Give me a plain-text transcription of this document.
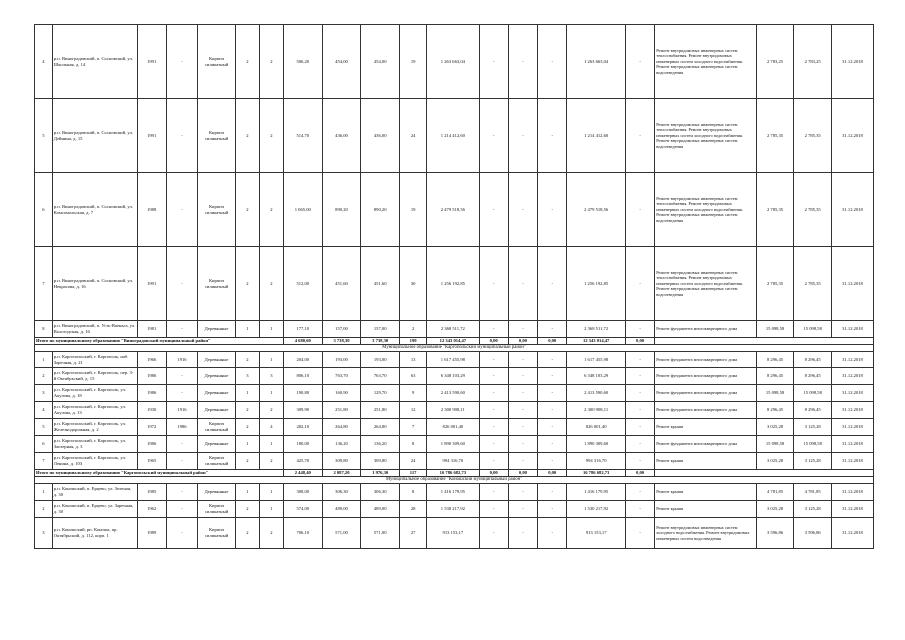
4	р.п. Виноградовский, п. Сосновский, ул. Школьная, д. 14	1991	-	Кирпич силикатный	2	2	506,20	454,00	454,00	19	1 263 663,04	-	-	-	1 263 663,04	-	Ремонт внутридомовых инженерных систем теплоснабжения. Ремонт внутридомовых инженерных систем холодного водоснабжения. Ремонт внутридомовых инженерных систем водоотведения	2 783,25	2 783,25	31.12.2018
5	р.п. Виноградовский, п. Сосновский, ул. Дейнина, д. 15	1991	-	Кирпич силикатный	2	2	514,70	436,00	436,00	24	1 214 412,60	-	-	-	1 214 412,60	-	Ремонт внутридомовых инженерных систем теплоснабжения. Ремонт внутридомовых инженерных систем холодного водоснабжения. Ремонт внутридомовых инженерных систем водоотведения	2 785,35	2 785,35	31.12.2018
6	р.п. Виноградовский, п. Сосновский, ул. Комсомольская, д. 7	1988	-	Кирпич силикатный	2	2	1 065,00	890,20	890,20	19	2 479 518,56	-	-	-	2 479 518,56	-	Ремонт внутридомовых инженерных систем теплоснабжения. Ремонт внутридомовых инженерных систем холодного водоснабжения. Ремонт внутридомовых инженерных систем водоотведения	2 785,35	2 785,35	31.12.2018
7	р.п. Виноградовский, п. Сосновский, ул. Некрасова, д. 16	1991	-	Кирпич силикатный	2	2	512,00	451,60	451,60	30	1 256 192,85	-	-	-	1 256 192,85	-	Ремонт внутридомовых инженерных систем теплоснабжения. Ремонт внутридомовых инженерных систем холодного водоснабжения. Ремонт внутридомовых инженерных систем водоотведения	2 785,35	2 785,35	31.12.2018
8	р.п. Виноградовский, п. Усть-Ваеньга, ул. Вологодская, д. 16	1981	-	Деревянные	1	1	177,10	157,00	157,00	2	2 368 511,72	-	-	-	2 368 511,72	-	Ремонт фундамента многоквартирного дома	15 098,58	15 098,58	31.12.2018
Итого по муниципальному образованию "Виноградовский муниципальный район"							4 680,60	3 738,30	3 738,30	199	12 343 014,47	0,00	0,00	0,00	12 343 014,47	0,00				
Муниципальное образование "Каргопольский муниципальный район"																				
1	р.п. Каргопольский, г. Каргополь, наб. Заречная, д. 21	1966	1916	Деревянные	2	1	204,00	193,00	193,00	13	1 617 455,98	-	-	-	1 617 455,98	-	Ремонт фундамента многоквартирного дома	8 296,45	8 296,45	31.12.2018
2	р.п. Каргопольский, г. Каргополь, пер. 3-й Октябрьский, д. 15	1986	-	Деревянные	3	3	806,10	763,70	763,70	63	6 348 103,29	-	-	-	6 348 103,29	-	Ремонт фундамента многоквартирного дома	8 296,45	8 296,45	31.12.2018
3	р.п. Каргопольский, г. Каргополь, ул. Акулова, д. 18	1986	-	Деревянные	1	1	190,80	160,90	129,70	9	2 413 590,60	-	-	-	2 413 590,60	-	Ремонт фундамента многоквартирного дома	15 098,58	15 098,58	31.12.2018
4	р.п. Каргопольский, г. Каргополь, ул. Акулова, д. 13	1930	1916	Деревянные	2	2	309,90	251,80	251,80	12	2 300 908,11	-	-	-	2 300 908,11	-	Ремонт фундамента многоквартирного дома	8 296,45	8 296,45	31.12.2018
5	р.п. Каргопольский, г. Каргополь, ул. Железнодорожная, д. 2	1972	1986	Кирпич силикатный	2	4	282,10	264,80	264,80	7	826 001,40	-	-	-	826 001,40	-	Ремонт крыши	3 025,28	3 125,28	31.12.2018
6	р.п. Каргопольский, г. Каргополь, ул. Заозерная, д. 3	1986	-	Деревянные	1	1	180,00	136,20	136,20	8	1 890 309,60	-	-	-	1 890 309,60	-	Ремонт фундамента многоквартирного дома	15 098,58	15 098,58	31.12.2018
7	р.п. Каргопольский, г. Каргополь, ул. Ленина, д. 103	1965	-	Кирпич силикатный	2	2	425,70	309,80	309,80	24	994 316,70	-	-	-	994 316,70	-	Ремонт крыши	3 025,28	3 125,28	31.12.2018
Итого по муниципальному образованию "Каргопольский муниципальный район"							2 448,40	2 087,20	1 976,30	117	16 786 682,73	0,00	0,00	0,00	16 786 682,73	0,00				
Муниципальное образование "Коношский муниципальный район"																				
1	р.п. Коношский, п. Ерцево, ул. Зеленая, д. 30	1985	-	Деревянные	1	1	308,00	306,30	306,30	8	1 416 179,95	-	-	-	1 416 179,95	-	Ремонт крыши	4 781,85	4 781,85	31.12.2018
2	р.п. Коношский, п. Ерцево, ул. Заречная, д. 30	1962	-	Кирпич силикатный	2	1	574,00	489,00	489,00	28	1 530 217,92	-	-	-	1 530 217,92	-	Ремонт крыши	3 025,28	3 125,28	31.12.2018
3	р.п. Коношский, рп. Коноша, пр. Октябрьский, д. 112, корп. 1	1989	-	Кирпич силикатный	2	2	706,10	571,00	571,00	27	913 153,17	-	-	-	913 153,17	-	Ремонт внутридомовых инженерных систем холодного водоснабжения. Ремонт внутридомовых инженерных систем водоотведения	3 596,86	3 596,86	31.12.2018
